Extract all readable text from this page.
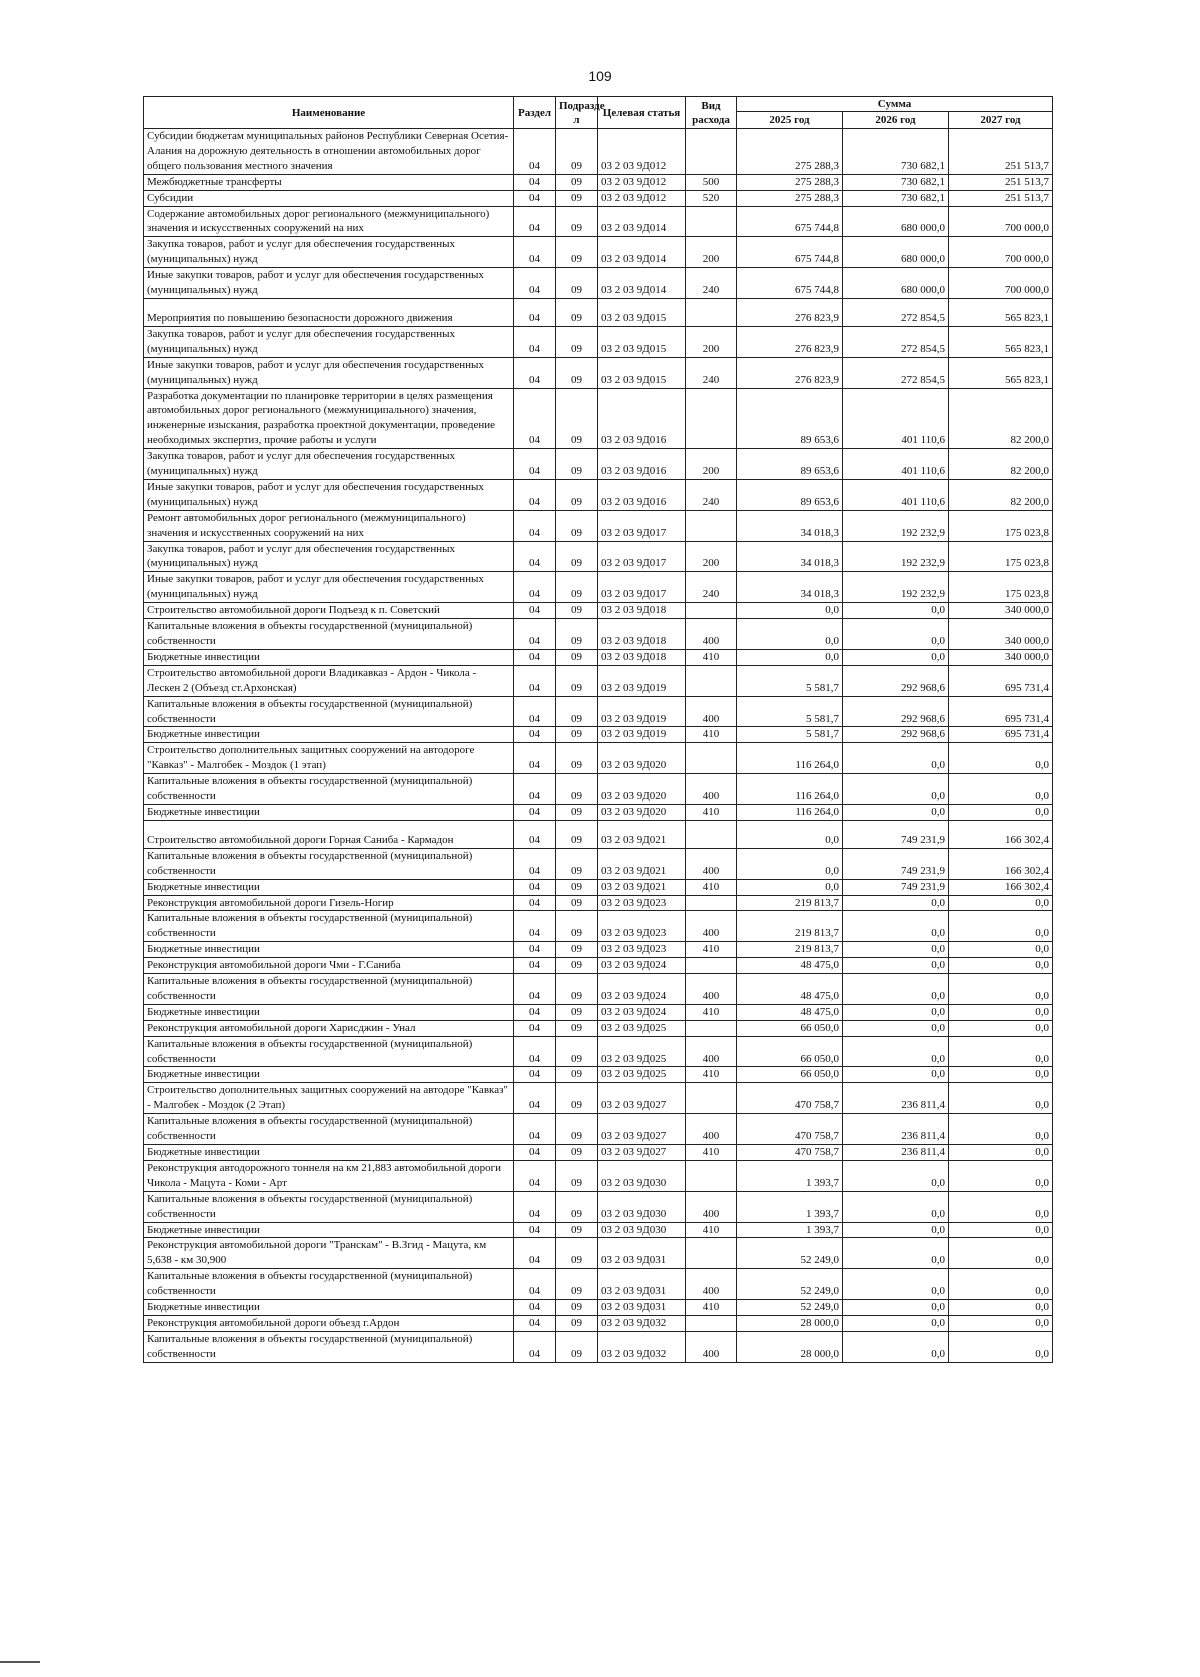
109
Наименование	Раздел	Подразде л	Целевая статья	Вид расхода	Сумма		
					2025 год	2026 год	2027 год
Субсидии бюджетам муниципальных районов Республики Северная Осетия-Алания на дорожную деятельность в отношении автомобильных дорог общего пользования местного значения	04	09	03 2 03 9Д012		275 288,3	730 682,1	251 513,7
Межбюджетные трансферты	04	09	03 2 03 9Д012	500	275 288,3	730 682,1	251 513,7
Субсидии	04	09	03 2 03 9Д012	520	275 288,3	730 682,1	251 513,7
Содержание автомобильных дорог регионального (межмуниципального) значения и искусственных сооружений на них	04	09	03 2 03 9Д014		675 744,8	680 000,0	700 000,0
Закупка товаров, работ и услуг для обеспечения государственных (муниципальных) нужд	04	09	03 2 03 9Д014	200	675 744,8	680 000,0	700 000,0
Иные закупки товаров, работ и услуг для обеспечения государственных (муниципальных) нужд	04	09	03 2 03 9Д014	240	675 744,8	680 000,0	700 000,0
Мероприятия по повышению безопасности дорожного движения	04	09	03 2 03 9Д015		276 823,9	272 854,5	565 823,1
Закупка товаров, работ и услуг для обеспечения государственных (муниципальных) нужд	04	09	03 2 03 9Д015	200	276 823,9	272 854,5	565 823,1
Иные закупки товаров, работ и услуг для обеспечения государственных (муниципальных) нужд	04	09	03 2 03 9Д015	240	276 823,9	272 854,5	565 823,1
Разработка документации по планировке территории в целях размещения автомобильных дорог регионального (межмуниципального) значения, инженерные изыскания, разработка проектной документации, проведение необходимых экспертиз, прочие работы и услуги	04	09	03 2 03 9Д016		89 653,6	401 110,6	82 200,0
Закупка товаров, работ и услуг для обеспечения государственных (муниципальных) нужд	04	09	03 2 03 9Д016	200	89 653,6	401 110,6	82 200,0
Иные закупки товаров, работ и услуг для обеспечения государственных (муниципальных) нужд	04	09	03 2 03 9Д016	240	89 653,6	401 110,6	82 200,0
Ремонт автомобильных дорог регионального (межмуниципального) значения и искусственных сооружений на них	04	09	03 2 03 9Д017		34 018,3	192 232,9	175 023,8
Закупка товаров, работ и услуг для обеспечения государственных (муниципальных) нужд	04	09	03 2 03 9Д017	200	34 018,3	192 232,9	175 023,8
Иные закупки товаров, работ и услуг для обеспечения государственных (муниципальных) нужд	04	09	03 2 03 9Д017	240	34 018,3	192 232,9	175 023,8
Строительство автомобильной дороги Подъезд к п. Советский	04	09	03 2 03 9Д018		0,0	0,0	340 000,0
Капитальные вложения в объекты государственной (муниципальной) собственности	04	09	03 2 03 9Д018	400	0,0	0,0	340 000,0
Бюджетные инвестиции	04	09	03 2 03 9Д018	410	0,0	0,0	340 000,0
Строительство автомобильной дороги Владикавказ - Ардон - Чикола - Лескен 2 (Объезд ст.Архонская)	04	09	03 2 03 9Д019		5 581,7	292 968,6	695 731,4
Капитальные вложения в объекты государственной (муниципальной) собственности	04	09	03 2 03 9Д019	400	5 581,7	292 968,6	695 731,4
Бюджетные инвестиции	04	09	03 2 03 9Д019	410	5 581,7	292 968,6	695 731,4
Строительство дополнительных защитных сооружений на автодороге "Кавказ" - Малгобек - Моздок (1 этап)	04	09	03 2 03 9Д020		116 264,0	0,0	0,0
Капитальные вложения в объекты государственной (муниципальной) собственности	04	09	03 2 03 9Д020	400	116 264,0	0,0	0,0
Бюджетные инвестиции	04	09	03 2 03 9Д020	410	116 264,0	0,0	0,0
Строительство автомобильной дороги Горная Саниба - Кармадон	04	09	03 2 03 9Д021		0,0	749 231,9	166 302,4
Капитальные вложения в объекты государственной (муниципальной) собственности	04	09	03 2 03 9Д021	400	0,0	749 231,9	166 302,4
Бюджетные инвестиции	04	09	03 2 03 9Д021	410	0,0	749 231,9	166 302,4
Реконструкция автомобильной дороги Гизель-Ногир	04	09	03 2 03 9Д023		219 813,7	0,0	0,0
Капитальные вложения в объекты государственной (муниципальной) собственности	04	09	03 2 03 9Д023	400	219 813,7	0,0	0,0
Бюджетные инвестиции	04	09	03 2 03 9Д023	410	219 813,7	0,0	0,0
Реконструкция автомобильной дороги Чми - Г.Саниба	04	09	03 2 03 9Д024		48 475,0	0,0	0,0
Капитальные вложения в объекты государственной (муниципальной) собственности	04	09	03 2 03 9Д024	400	48 475,0	0,0	0,0
Бюджетные инвестиции	04	09	03 2 03 9Д024	410	48 475,0	0,0	0,0
Реконструкция автомобильной дороги Харисджин - Унал	04	09	03 2 03 9Д025		66 050,0	0,0	0,0
Капитальные вложения в объекты государственной (муниципальной) собственности	04	09	03 2 03 9Д025	400	66 050,0	0,0	0,0
Бюджетные инвестиции	04	09	03 2 03 9Д025	410	66 050,0	0,0	0,0
Строительство дополнительных защитных сооружений на автодоре "Кавказ" - Малгобек - Моздок (2 Этап)	04	09	03 2 03 9Д027		470 758,7	236 811,4	0,0
Капитальные вложения в объекты государственной (муниципальной) собственности	04	09	03 2 03 9Д027	400	470 758,7	236 811,4	0,0
Бюджетные инвестиции	04	09	03 2 03 9Д027	410	470 758,7	236 811,4	0,0
Реконструкция автодорожного тоннеля на км 21,883 автомобильной дороги Чикола - Мацута - Коми - Арт	04	09	03 2 03 9Д030		1 393,7	0,0	0,0
Капитальные вложения в объекты государственной (муниципальной) собственности	04	09	03 2 03 9Д030	400	1 393,7	0,0	0,0
Бюджетные инвестиции	04	09	03 2 03 9Д030	410	1 393,7	0,0	0,0
Реконструкция автомобильной дороги "Транскам" - В.Згид - Мацута, км 5,638 - км 30,900	04	09	03 2 03 9Д031		52 249,0	0,0	0,0
Капитальные вложения в объекты государственной (муниципальной) собственности	04	09	03 2 03 9Д031	400	52 249,0	0,0	0,0
Бюджетные инвестиции	04	09	03 2 03 9Д031	410	52 249,0	0,0	0,0
Реконструкция автомобильной дороги объезд г.Ардон	04	09	03 2 03 9Д032		28 000,0	0,0	0,0
Капитальные вложения в объекты государственной (муниципальной) собственности	04	09	03 2 03 9Д032	400	28 000,0	0,0	0,0
